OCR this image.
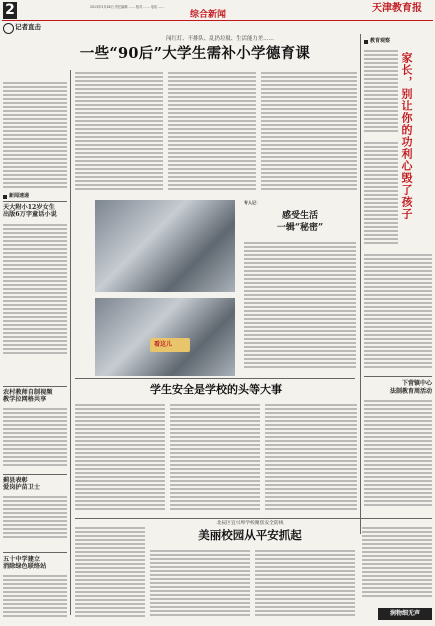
2	2013年3月28日 责任编辑 …… 校对 …… 电话 ……
综合新闻
天津教育报
记者直击
闯红灯、不排队、乱扔垃圾、生活能力差……
一些“90后”大学生需补小学德育课
新闻速递
天大附小12岁女生
出版6万字童话小说
农村教师自制视频
教学拉网格共享
蓟县表彰
爱岗护苗卫士
五十中学建立
消除绿色联络站
看这儿
专人记：
感受生活
一辑“秘密”
学生安全是学校的头等大事
北辰区宜兴埠学校聚焦安全防线
美丽校园从平安抓起
润物细无声
教育观察
家长，别让你的功利心毁了孩子
下营镇中心
法制教育周活动
